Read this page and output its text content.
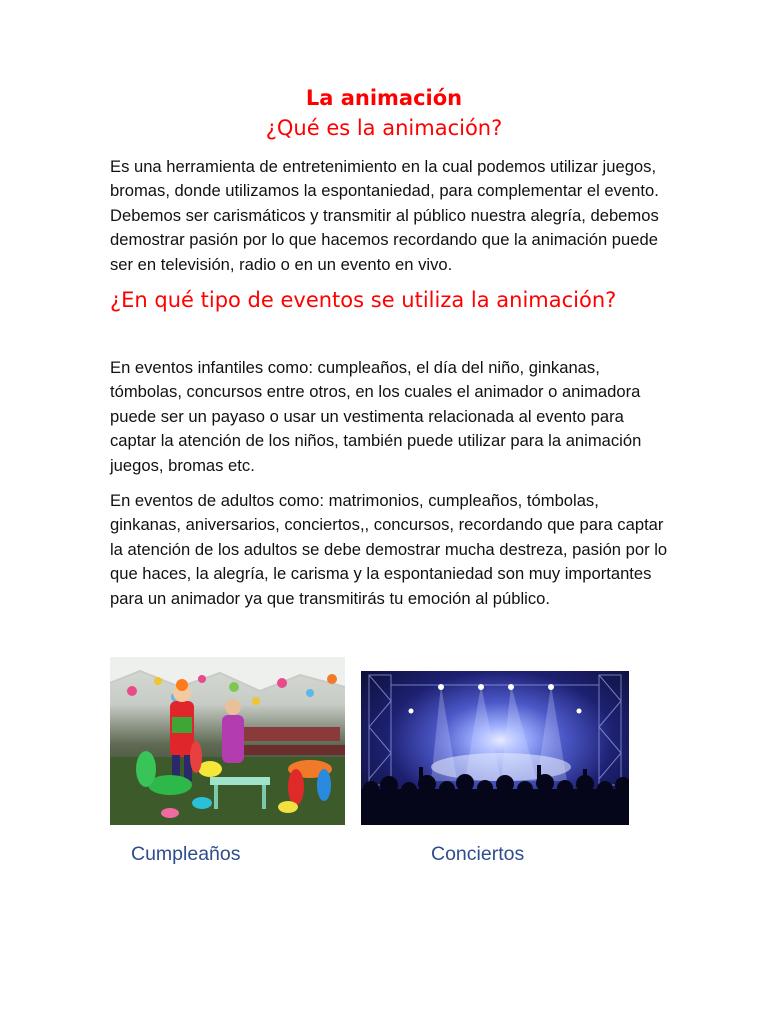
La animación
¿Qué es la animación?
Es una herramienta de entretenimiento en la cual podemos utilizar juegos, bromas, donde utilizamos la espontaniedad, para complementar el evento. Debemos ser carismáticos y transmitir al público nuestra alegría, debemos demostrar pasión por lo que hacemos recordando que la animación puede ser en televisión, radio o en un evento en vivo.
¿En qué tipo de eventos se utiliza la animación?
En eventos infantiles como: cumpleaños, el día del niño, ginkanas, tómbolas, concursos entre otros, en los cuales el animador o animadora puede ser un payaso o usar un vestimenta relacionada al evento para captar la atención de los niños, también puede utilizar para la animación juegos, bromas etc.
En eventos de adultos como: matrimonios, cumpleaños, tómbolas, ginkanas, aniversarios, conciertos,, concursos, recordando que para captar la atención de los adultos se debe demostrar mucha destreza, pasión por lo que haces, la alegría, le carisma y la espontaniedad son muy importantes para un animador ya que transmitirás tu emoción al público.
Cumpleaños	Conciertos
